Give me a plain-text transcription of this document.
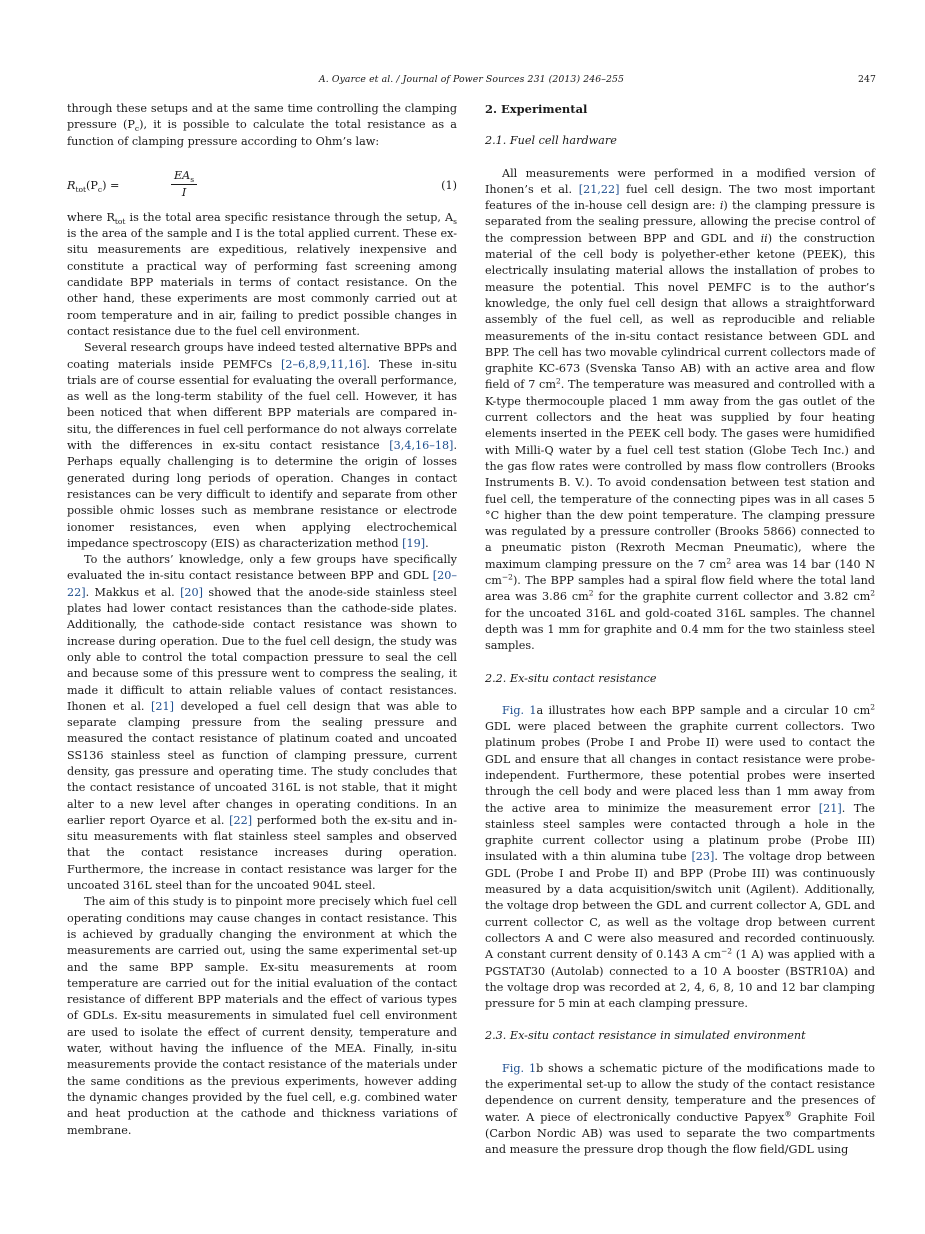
A. Oyarce et al. / Journal of Power Sources 231 (2013) 246–255	247

through these setups and at the same time controlling the clamping pressure $(P_c)$, it is possible to calculate the total resistance as a function of clamping pressure according to Ohm’s law:

$R_{tot}(P_c)$ =
$EA_s$
I
(1)

where $R_{tot}$ is the total area specific resistance through the setup, $A_s$ is the area of the sample and I is the total applied current. These ex-situ measurements are expeditious, relatively inexpensive and constitute a practical way of performing fast screening among candidate BPP materials in terms of contact resistance. On the other hand, these experiments are most commonly carried out at room temperature and in air, failing to predict possible changes in contact resistance due to the fuel cell environment.

Several research groups have indeed tested alternative BPPs and coating materials inside PEMFCs [2–6,8,9,11,16]. These in-situ trials are of course essential for evaluating the overall performance, as well as the long-term stability of the fuel cell. However, it has been noticed that when different BPP materials are compared in-situ, the differences in fuel cell performance do not always correlate with the differences in ex-situ contact resistance [3,4,16–18]. Perhaps equally challenging is to determine the origin of losses generated during long periods of operation. Changes in contact resistances can be very difficult to identify and separate from other possible ohmic losses such as membrane resistance or electrode ionomer resistances, even when applying electrochemical impedance spectroscopy (EIS) as characterization method [19].

To the authors’ knowledge, only a few groups have specifically evaluated the in-situ contact resistance between BPP and GDL [20–22]. Makkus et al. [20] showed that the anode-side stainless steel plates had lower contact resistances than the cathode-side plates. Additionally, the cathode-side contact resistance was shown to increase during operation. Due to the fuel cell design, the study was only able to control the total compaction pressure to seal the cell and because some of this pressure went to compress the sealing, it made it difficult to attain reliable values of contact resistances. Ihonen et al. [21] developed a fuel cell design that was able to separate clamping pressure from the sealing pressure and measured the contact resistance of platinum coated and uncoated SS136 stainless steel as function of clamping pressure, current density, gas pressure and operating time. The study concludes that the contact resistance of uncoated 316L is not stable, that it might alter to a new level after changes in operating conditions. In an earlier report Oyarce et al. [22] performed both the ex-situ and in-situ measurements with flat stainless steel samples and observed that the contact resistance increases during operation. Furthermore, the increase in contact resistance was larger for the uncoated 316L steel than for the uncoated 904L steel.

The aim of this study is to pinpoint more precisely which fuel cell operating conditions may cause changes in contact resistance. This is achieved by gradually changing the environment at which the measurements are carried out, using the same experimental set-up and the same BPP sample. Ex-situ measurements at room temperature are carried out for the initial evaluation of the contact resistance of different BPP materials and the effect of various types of GDLs. Ex-situ measurements in simulated fuel cell environment are used to isolate the effect of current density, temperature and water, without having the influence of the MEA. Finally, in-situ measurements provide the contact resistance of the materials under the same conditions as the previous experiments, however adding the dynamic changes provided by the fuel cell, e.g. combined water and heat production at the cathode and thickness variations of membrane.

2. Experimental
2.1. Fuel cell hardware

All measurements were performed in a modified version of Ihonen’s et al. [21,22] fuel cell design. The two most important features of the in-house cell design are: i) the clamping pressure is separated from the sealing pressure, allowing the precise control of the compression between BPP and GDL and ii) the construction material of the cell body is polyether-ether ketone (PEEK), this electrically insulating material allows the installation of probes to measure the potential. This novel PEMFC is to the author’s knowledge, the only fuel cell design that allows a straightforward assembly of the fuel cell, as well as reproducible and reliable measurements of the in-situ contact resistance between GDL and BPP. The cell has two movable cylindrical current collectors made of graphite KC-673 (Svenska Tanso AB) with an active area and flow field of 7 $cm^2$. The temperature was measured and controlled with a K-type thermocouple placed 1 mm away from the gas outlet of the current collectors and the heat was supplied by four heating elements inserted in the PEEK cell body. The gases were humidified with Milli-Q water by a fuel cell test station (Globe Tech Inc.) and the gas flow rates were controlled by mass flow controllers (Brooks Instruments B. V.). To avoid condensation between test station and fuel cell, the temperature of the connecting pipes was in all cases 5 °C higher than the dew point temperature. The clamping pressure was regulated by a pressure controller (Brooks 5866) connected to a pneumatic piston (Rexroth Mecman Pneumatic), where the maximum clamping pressure on the 7 $cm^2$ area was 14 bar (140 N $cm^{-2}$). The BPP samples had a spiral flow field where the total land area was 3.86 $cm^2$ for the graphite current collector and 3.82 $cm^2$ for the uncoated 316L and gold-coated 316L samples. The channel depth was 1 mm for graphite and 0.4 mm for the two stainless steel samples.

2.2. Ex-situ contact resistance

Fig. 1a illustrates how each BPP sample and a circular 10 $cm^2$ GDL were placed between the graphite current collectors. Two platinum probes (Probe I and Probe II) were used to contact the GDL and ensure that all changes in contact resistance were probe-independent. Furthermore, these potential probes were inserted through the cell body and were placed less than 1 mm away from the active area to minimize the measurement error [21]. The stainless steel samples were contacted through a hole in the graphite current collector using a platinum probe (Probe III) insulated with a thin alumina tube [23]. The voltage drop between GDL (Probe I and Probe II) and BPP (Probe III) was continuously measured by a data acquisition/switch unit (Agilent). Additionally, the voltage drop between the GDL and current collector A, GDL and current collector C, as well as the voltage drop between current collectors A and C were also measured and recorded continuously. A constant current density of 0.143 A $cm^{-2}$ (1 A) was applied with a PGSTAT30 (Autolab) connected to a 10 A booster (BSTR10A) and the voltage drop was recorded at 2, 4, 6, 8, 10 and 12 bar clamping pressure for 5 min at each clamping pressure.

2.3. Ex-situ contact resistance in simulated environment

Fig. 1b shows a schematic picture of the modifications made to the experimental set-up to allow the study of the contact resistance dependence on current density, temperature and the presences of water. A piece of electronically conductive Papyex® Graphite Foil (Carbon Nordic AB) was used to separate the two compartments and measure the pressure drop though the flow field/GDL using
